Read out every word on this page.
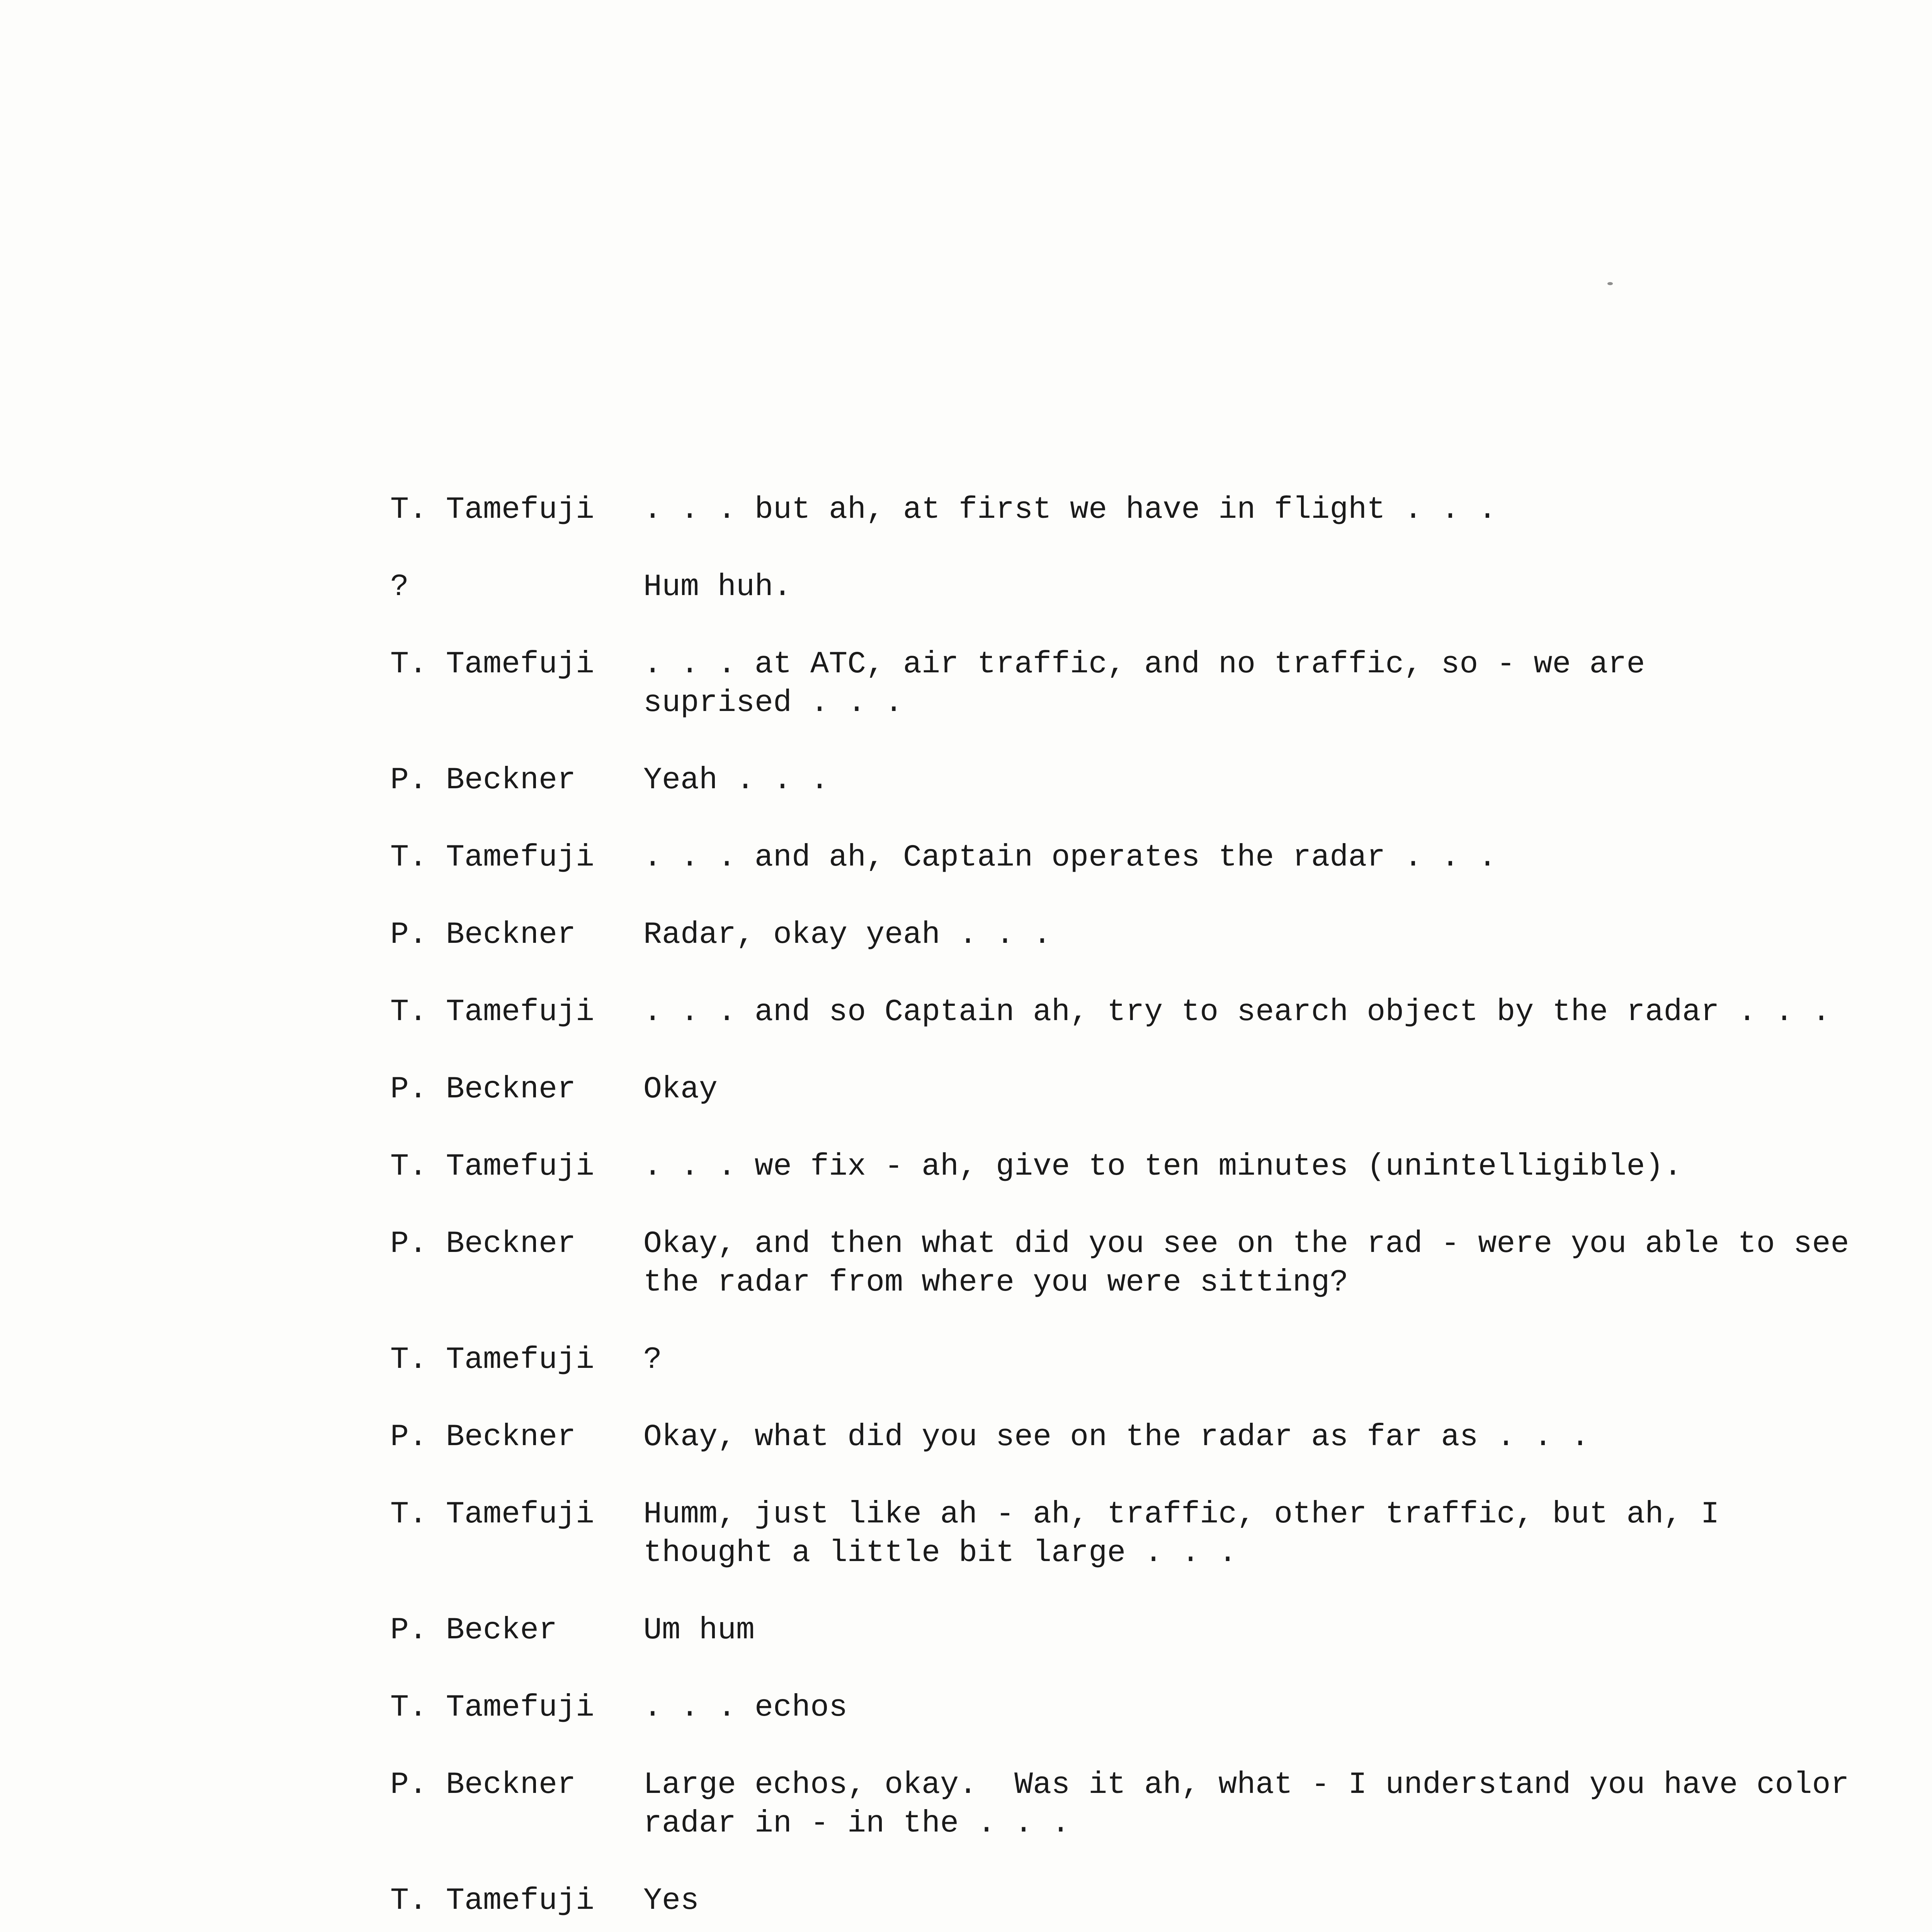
T. Tamefuji	. . . but ah, at first we have in flight . . .
?	Hum huh.
T. Tamefuji	. . . at ATC, air traffic, and no traffic, so - we are
suprised . . .
P. Beckner	Yeah . . .
T. Tamefuji	. . . and ah, Captain operates the radar . . .
P. Beckner	Radar, okay yeah . . .
T. Tamefuji	. . . and so Captain ah, try to search object by the radar . . .
P. Beckner	Okay
T. Tamefuji	. . . we fix - ah, give to ten minutes (unintelligible).
P. Beckner	Okay, and then what did you see on the rad - were you able to see
the radar from where you were sitting?
T. Tamefuji	?
P. Beckner	Okay, what did you see on the radar as far as . . .
T. Tamefuji	Humm, just like ah - ah, traffic, other traffic, but ah, I
thought a little bit large . . .
P. Becker	Um hum
T. Tamefuji	. . . echos
P. Beckner	Large echos, okay.  Was it ah, what - I understand you have color
radar in - in the . . .
T. Tamefuji	Yes
